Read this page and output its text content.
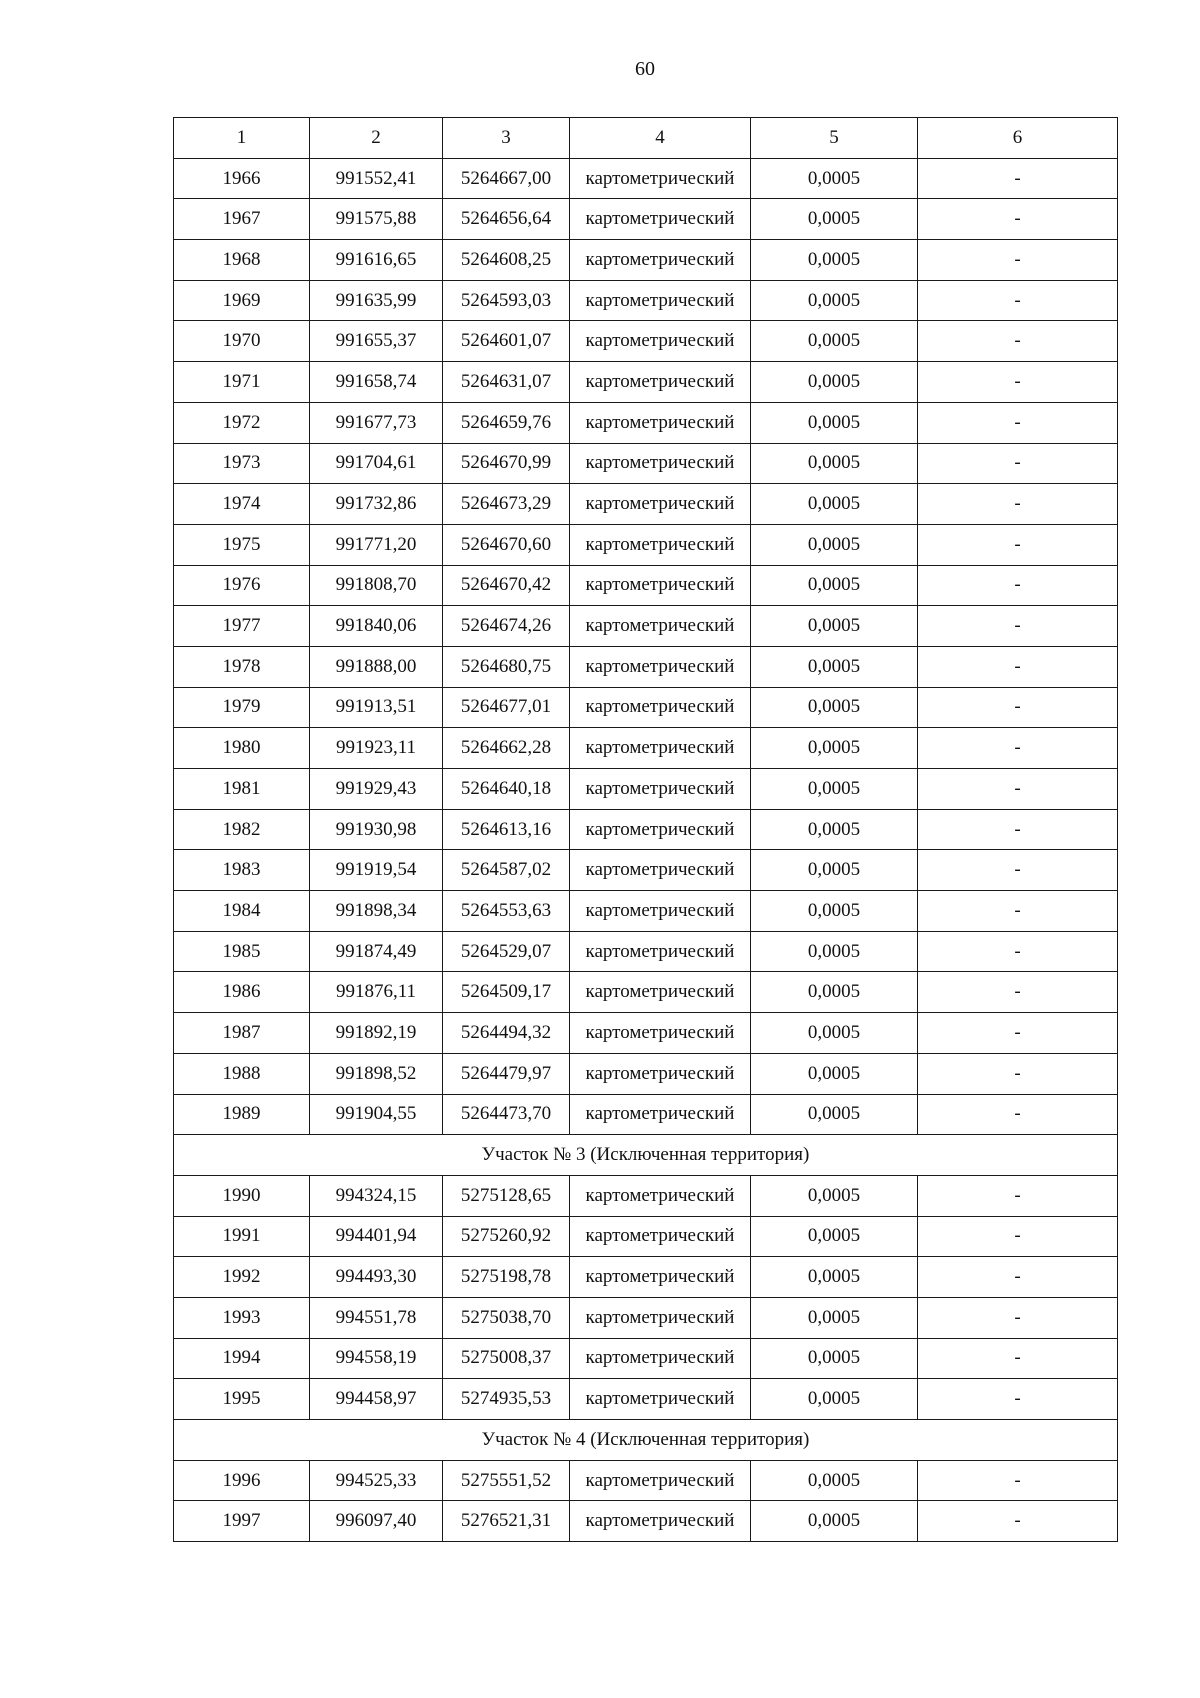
60
1	2	3	4	5	6
1966	991552,41	5264667,00	картометрический	0,0005	-
1967	991575,88	5264656,64	картометрический	0,0005	-
1968	991616,65	5264608,25	картометрический	0,0005	-
1969	991635,99	5264593,03	картометрический	0,0005	-
1970	991655,37	5264601,07	картометрический	0,0005	-
1971	991658,74	5264631,07	картометрический	0,0005	-
1972	991677,73	5264659,76	картометрический	0,0005	-
1973	991704,61	5264670,99	картометрический	0,0005	-
1974	991732,86	5264673,29	картометрический	0,0005	-
1975	991771,20	5264670,60	картометрический	0,0005	-
1976	991808,70	5264670,42	картометрический	0,0005	-
1977	991840,06	5264674,26	картометрический	0,0005	-
1978	991888,00	5264680,75	картометрический	0,0005	-
1979	991913,51	5264677,01	картометрический	0,0005	-
1980	991923,11	5264662,28	картометрический	0,0005	-
1981	991929,43	5264640,18	картометрический	0,0005	-
1982	991930,98	5264613,16	картометрический	0,0005	-
1983	991919,54	5264587,02	картометрический	0,0005	-
1984	991898,34	5264553,63	картометрический	0,0005	-
1985	991874,49	5264529,07	картометрический	0,0005	-
1986	991876,11	5264509,17	картометрический	0,0005	-
1987	991892,19	5264494,32	картометрический	0,0005	-
1988	991898,52	5264479,97	картометрический	0,0005	-
1989	991904,55	5264473,70	картометрический	0,0005	-
Участок № 3 (Исключенная территория)					
1990	994324,15	5275128,65	картометрический	0,0005	-
1991	994401,94	5275260,92	картометрический	0,0005	-
1992	994493,30	5275198,78	картометрический	0,0005	-
1993	994551,78	5275038,70	картометрический	0,0005	-
1994	994558,19	5275008,37	картометрический	0,0005	-
1995	994458,97	5274935,53	картометрический	0,0005	-
Участок № 4 (Исключенная территория)					
1996	994525,33	5275551,52	картометрический	0,0005	-
1997	996097,40	5276521,31	картометрический	0,0005	-
